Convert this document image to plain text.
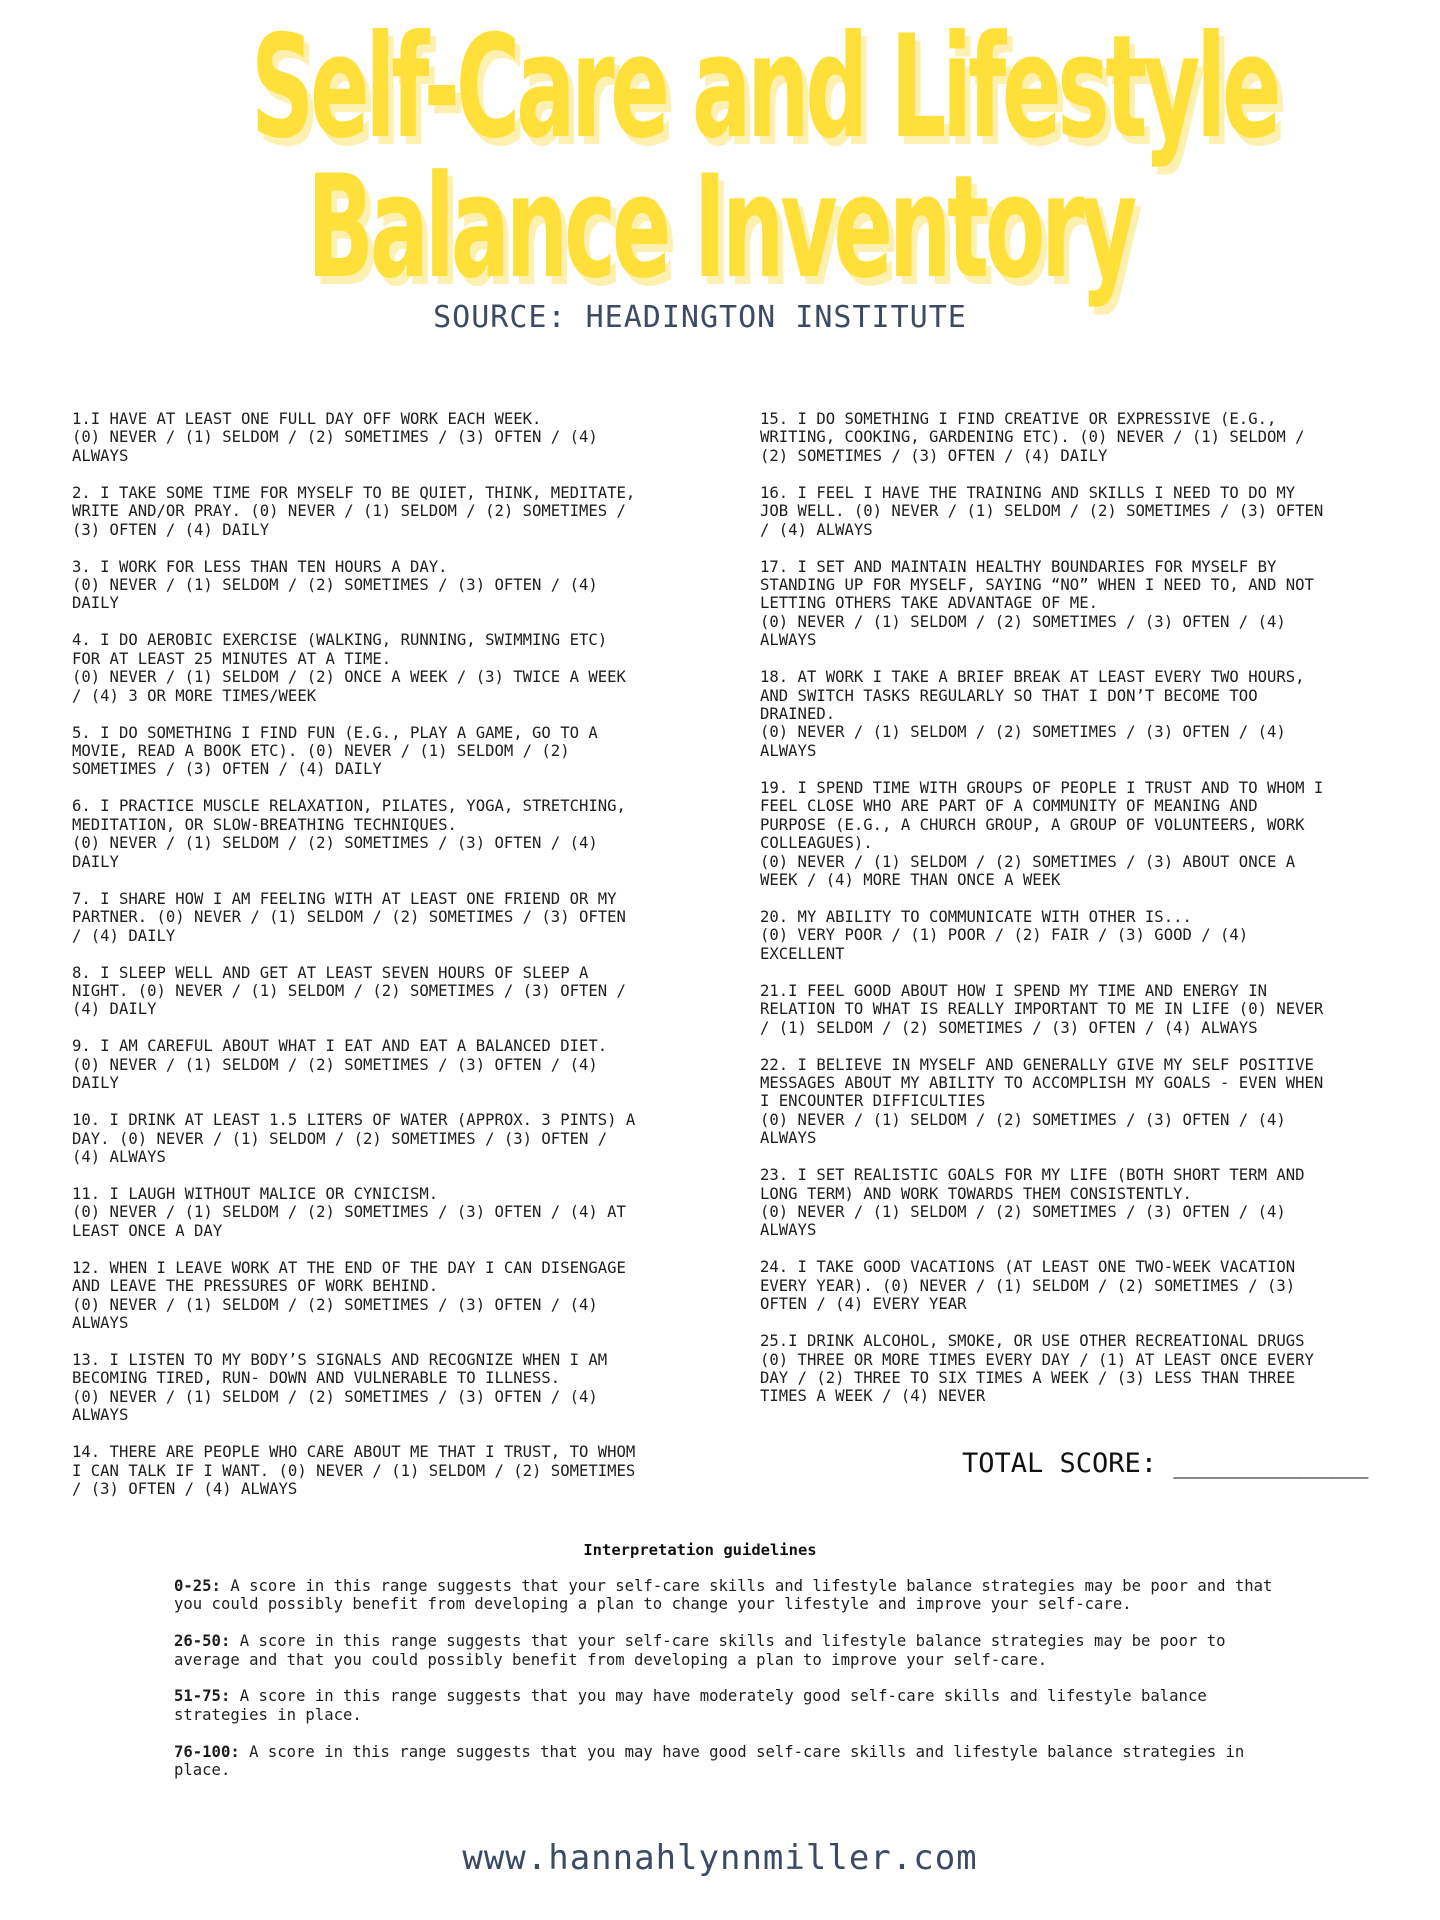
Self-Care and Lifestyle
Balance Inventory
SOURCE: HEADINGTON INSTITUTE

1.I HAVE AT LEAST ONE FULL DAY OFF WORK EACH WEEK.
(0) NEVER / (1) SELDOM / (2) SOMETIMES / (3) OFTEN / (4)
ALWAYS

2. I TAKE SOME TIME FOR MYSELF TO BE QUIET, THINK, MEDITATE,
WRITE AND/OR PRAY. (0) NEVER / (1) SELDOM / (2) SOMETIMES /
(3) OFTEN / (4) DAILY

3. I WORK FOR LESS THAN TEN HOURS A DAY.
(0) NEVER / (1) SELDOM / (2) SOMETIMES / (3) OFTEN / (4)
DAILY

4. I DO AEROBIC EXERCISE (WALKING, RUNNING, SWIMMING ETC)
FOR AT LEAST 25 MINUTES AT A TIME.
(0) NEVER / (1) SELDOM / (2) ONCE A WEEK / (3) TWICE A WEEK
/ (4) 3 OR MORE TIMES/WEEK

5. I DO SOMETHING I FIND FUN (E.G., PLAY A GAME, GO TO A
MOVIE, READ A BOOK ETC). (0) NEVER / (1) SELDOM / (2)
SOMETIMES / (3) OFTEN / (4) DAILY

6. I PRACTICE MUSCLE RELAXATION, PILATES, YOGA, STRETCHING,
MEDITATION, OR SLOW-BREATHING TECHNIQUES.
(0) NEVER / (1) SELDOM / (2) SOMETIMES / (3) OFTEN / (4)
DAILY

7. I SHARE HOW I AM FEELING WITH AT LEAST ONE FRIEND OR MY
PARTNER. (0) NEVER / (1) SELDOM / (2) SOMETIMES / (3) OFTEN
/ (4) DAILY

8. I SLEEP WELL AND GET AT LEAST SEVEN HOURS OF SLEEP A
NIGHT. (0) NEVER / (1) SELDOM / (2) SOMETIMES / (3) OFTEN /
(4) DAILY

9. I AM CAREFUL ABOUT WHAT I EAT AND EAT A BALANCED DIET.
(0) NEVER / (1) SELDOM / (2) SOMETIMES / (3) OFTEN / (4)
DAILY

10. I DRINK AT LEAST 1.5 LITERS OF WATER (APPROX. 3 PINTS) A
DAY. (0) NEVER / (1) SELDOM / (2) SOMETIMES / (3) OFTEN /
(4) ALWAYS

11. I LAUGH WITHOUT MALICE OR CYNICISM.
(0) NEVER / (1) SELDOM / (2) SOMETIMES / (3) OFTEN / (4) AT
LEAST ONCE A DAY

12. WHEN I LEAVE WORK AT THE END OF THE DAY I CAN DISENGAGE
AND LEAVE THE PRESSURES OF WORK BEHIND.
(0) NEVER / (1) SELDOM / (2) SOMETIMES / (3) OFTEN / (4)
ALWAYS

13. I LISTEN TO MY BODY’S SIGNALS AND RECOGNIZE WHEN I AM
BECOMING TIRED, RUN- DOWN AND VULNERABLE TO ILLNESS.
(0) NEVER / (1) SELDOM / (2) SOMETIMES / (3) OFTEN / (4)
ALWAYS

14. THERE ARE PEOPLE WHO CARE ABOUT ME THAT I TRUST, TO WHOM
I CAN TALK IF I WANT. (0) NEVER / (1) SELDOM / (2) SOMETIMES
/ (3) OFTEN / (4) ALWAYS

15. I DO SOMETHING I FIND CREATIVE OR EXPRESSIVE (E.G.,
WRITING, COOKING, GARDENING ETC). (0) NEVER / (1) SELDOM /
(2) SOMETIMES / (3) OFTEN / (4) DAILY

16. I FEEL I HAVE THE TRAINING AND SKILLS I NEED TO DO MY
JOB WELL. (0) NEVER / (1) SELDOM / (2) SOMETIMES / (3) OFTEN
/ (4) ALWAYS

17. I SET AND MAINTAIN HEALTHY BOUNDARIES FOR MYSELF BY
STANDING UP FOR MYSELF, SAYING “NO” WHEN I NEED TO, AND NOT
LETTING OTHERS TAKE ADVANTAGE OF ME.
(0) NEVER / (1) SELDOM / (2) SOMETIMES / (3) OFTEN / (4)
ALWAYS

18. AT WORK I TAKE A BRIEF BREAK AT LEAST EVERY TWO HOURS,
AND SWITCH TASKS REGULARLY SO THAT I DON’T BECOME TOO
DRAINED.
(0) NEVER / (1) SELDOM / (2) SOMETIMES / (3) OFTEN / (4)
ALWAYS

19. I SPEND TIME WITH GROUPS OF PEOPLE I TRUST AND TO WHOM I
FEEL CLOSE WHO ARE PART OF A COMMUNITY OF MEANING AND
PURPOSE (E.G., A CHURCH GROUP, A GROUP OF VOLUNTEERS, WORK
COLLEAGUES).
(0) NEVER / (1) SELDOM / (2) SOMETIMES / (3) ABOUT ONCE A
WEEK / (4) MORE THAN ONCE A WEEK

20. MY ABILITY TO COMMUNICATE WITH OTHER IS...
(0) VERY POOR / (1) POOR / (2) FAIR / (3) GOOD / (4)
EXCELLENT

21.I FEEL GOOD ABOUT HOW I SPEND MY TIME AND ENERGY IN
RELATION TO WHAT IS REALLY IMPORTANT TO ME IN LIFE (0) NEVER
/ (1) SELDOM / (2) SOMETIMES / (3) OFTEN / (4) ALWAYS

22. I BELIEVE IN MYSELF AND GENERALLY GIVE MY SELF POSITIVE
MESSAGES ABOUT MY ABILITY TO ACCOMPLISH MY GOALS - EVEN WHEN
I ENCOUNTER DIFFICULTIES
(0) NEVER / (1) SELDOM / (2) SOMETIMES / (3) OFTEN / (4)
ALWAYS

23. I SET REALISTIC GOALS FOR MY LIFE (BOTH SHORT TERM AND
LONG TERM) AND WORK TOWARDS THEM CONSISTENTLY.
(0) NEVER / (1) SELDOM / (2) SOMETIMES / (3) OFTEN / (4)
ALWAYS

24. I TAKE GOOD VACATIONS (AT LEAST ONE TWO-WEEK VACATION
EVERY YEAR). (0) NEVER / (1) SELDOM / (2) SOMETIMES / (3)
OFTEN / (4) EVERY YEAR

25.I DRINK ALCOHOL, SMOKE, OR USE OTHER RECREATIONAL DRUGS
(0) THREE OR MORE TIMES EVERY DAY / (1) AT LEAST ONCE EVERY
DAY / (2) THREE TO SIX TIMES A WEEK / (3) LESS THAN THREE
TIMES A WEEK / (4) NEVER

TOTAL SCORE: ____________
Interpretation guidelines

0-25: A score in this range suggests that your self-care skills and lifestyle balance strategies may be poor and that you could possibly benefit from developing a plan to change your lifestyle and improve your self-care.

26-50: A score in this range suggests that your self-care skills and lifestyle balance strategies may be poor to average and that you could possibly benefit from developing a plan to improve your self-care.

51-75: A score in this range suggests that you may have moderately good self-care skills and lifestyle balance strategies in place.

76-100: A score in this range suggests that you may have good self-care skills and lifestyle balance strategies in place.

www.hannahlynnmiller.com
